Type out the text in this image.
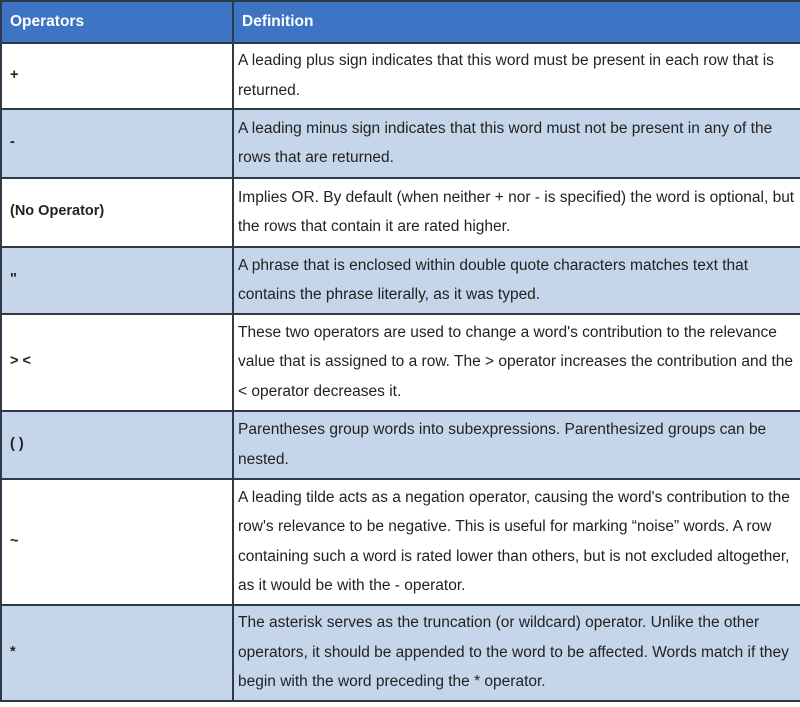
Operators	Definition
+	A leading plus sign indicates that this word must be present in each row that is returned.
-	A leading minus sign indicates that this word must not be present in any of the rows that are returned.
(No Operator)	Implies OR. By default (when neither + nor - is specified) the word is optional, but the rows that contain it are rated higher.
"	A phrase that is enclosed within double quote characters matches text that contains the phrase literally, as it was typed.
> <	These two operators are used to change a word's contribution to the relevance value that is assigned to a row. The > operator increases the contribution and the < operator decreases it.
( )	Parentheses group words into subexpressions. Parenthesized groups can be nested.
~	A leading tilde acts as a negation operator, causing the word's contribution to the row's relevance to be negative. This is useful for marking “noise” words. A row containing such a word is rated lower than others, but is not excluded altogether, as it would be with the - operator.
*	The asterisk serves as the truncation (or wildcard) operator. Unlike the other operators, it should be appended to the word to be affected. Words match if they begin with the word preceding the * operator.
